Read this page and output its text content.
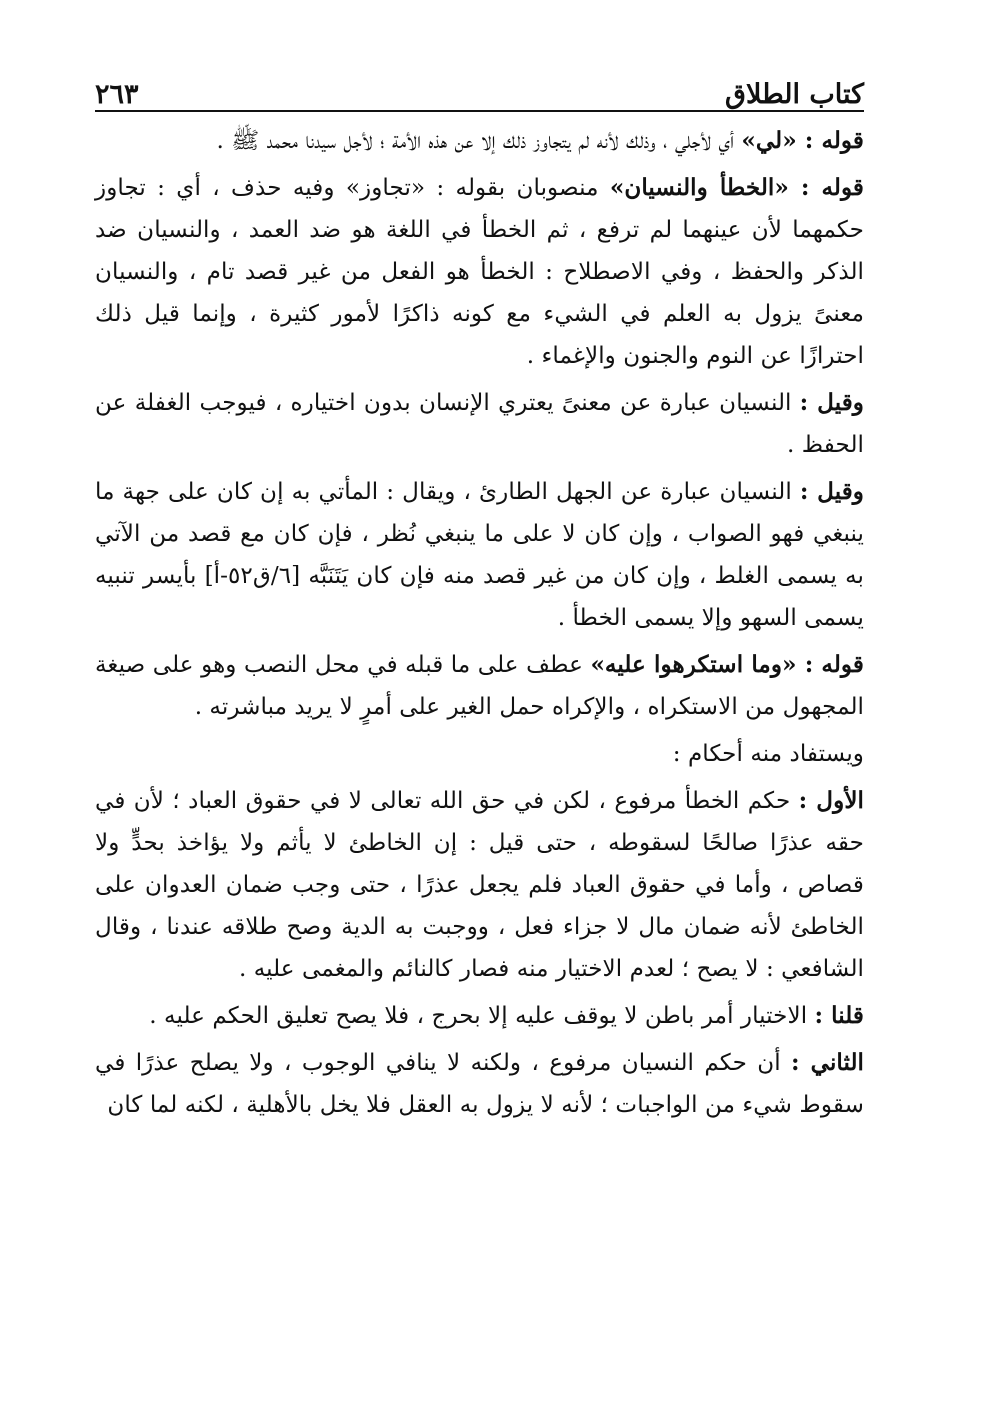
كتاب الطلاق
٢٦٣

قوله : «لي» أي لأجلي ، وذلك لأنه لم يتجاوز ذلك إلا عن هذه الأمة ؛ لأجل سيدنا محمد ﷺ .

قوله : «الخطأ والنسيان» منصوبان بقوله : «تجاوز» وفيه حذف ، أي : تجاوز حكمهما لأن عينهما لم ترفع ، ثم الخطأ في اللغة هو ضد العمد ، والنسيان ضد الذكر والحفظ ، وفي الاصطلاح : الخطأ هو الفعل من غير قصد تام ، والنسيان معنىً يزول به العلم في الشيء مع كونه ذاكرًا لأمور كثيرة ، وإنما قيل ذلك احترازًا عن النوم والجنون والإغماء .

وقيل : النسيان عبارة عن معنىً يعتري الإنسان بدون اختياره ، فيوجب الغفلة عن الحفظ .

وقيل : النسيان عبارة عن الجهل الطارئ ، ويقال : المأتي به إن كان على جهة ما ينبغي فهو الصواب ، وإن كان لا على ما ينبغي نُظر ، فإن كان مع قصد من الآتي به يسمى الغلط ، وإن كان من غير قصد منه فإن كان يَتَنَبَّه [٦/ق٥٢-أ] بأيسر تنبيه يسمى السهو وإلا يسمى الخطأ .

قوله : «وما استكرهوا عليه» عطف على ما قبله في محل النصب وهو على صيغة المجهول من الاستكراه ، والإكراه حمل الغير على أمرٍ لا يريد مباشرته .

ويستفاد منه أحكام :

الأول : حكم الخطأ مرفوع ، لكن في حق الله تعالى لا في حقوق العباد ؛ لأن في حقه عذرًا صالحًا لسقوطه ، حتى قيل : إن الخاطئ لا يأثم ولا يؤاخذ بحدٍّ ولا قصاص ، وأما في حقوق العباد فلم يجعل عذرًا ، حتى وجب ضمان العدوان على الخاطئ لأنه ضمان مال لا جزاء فعل ، ووجبت به الدية وصح طلاقه عندنا ، وقال الشافعي : لا يصح ؛ لعدم الاختيار منه فصار كالنائم والمغمى عليه .

قلنا : الاختيار أمر باطن لا يوقف عليه إلا بحرج ، فلا يصح تعليق الحكم عليه .

الثاني : أن حكم النسيان مرفوع ، ولكنه لا ينافي الوجوب ، ولا يصلح عذرًا في سقوط شيء من الواجبات ؛ لأنه لا يزول به العقل فلا يخل بالأهلية ، لكنه لما كان
